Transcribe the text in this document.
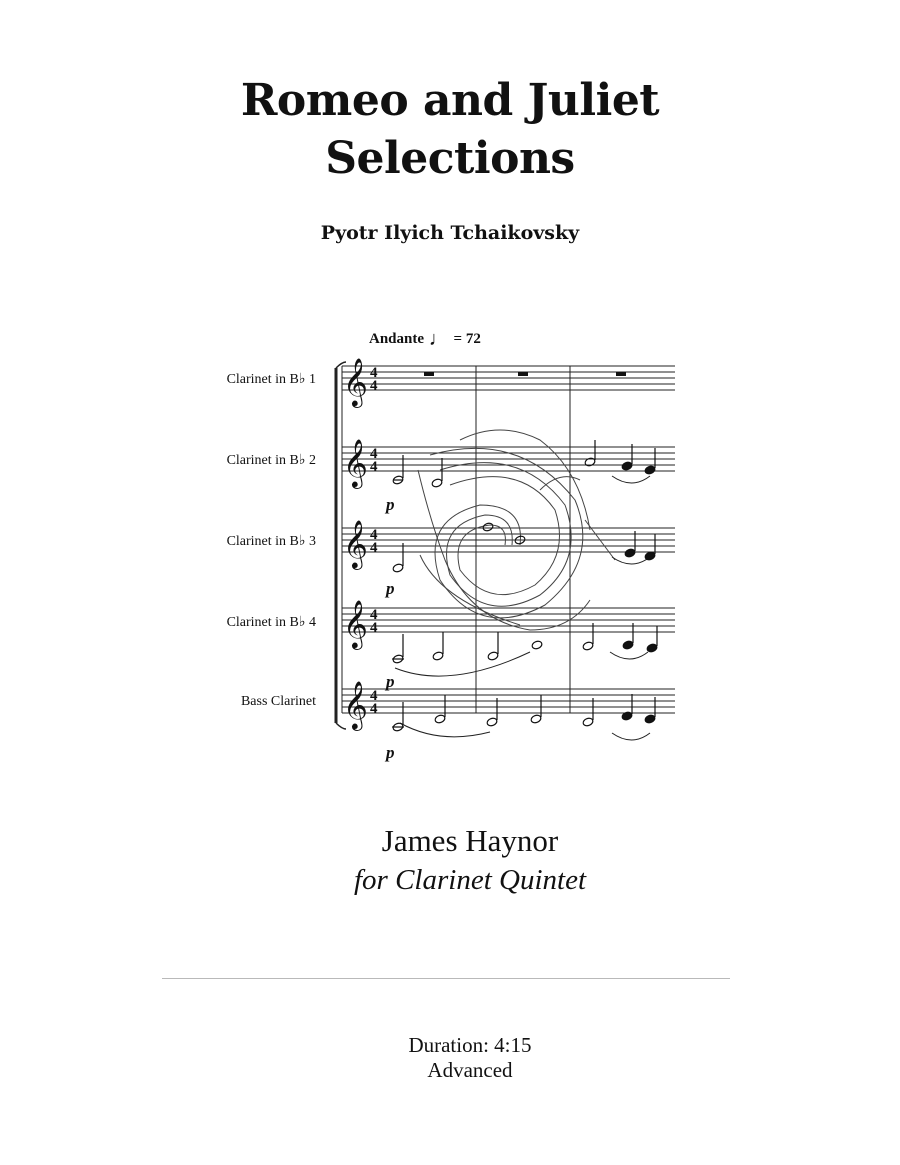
Romeo and Juliet
Selections
Pyotr Ilyich Tchaikovsky
Andante ♩ = 72
Clarinet in B♭ 1
Clarinet in B♭ 2
Clarinet in B♭ 3
Clarinet in B♭ 4
Bass Clarinet
𝄞
𝄞
𝄞
𝄞
𝄞
4
4
4
4
4
4
4
4
4
4
p
p
p
p
James Haynor
for Clarinet Quintet
Duration: 4:15
Advanced
